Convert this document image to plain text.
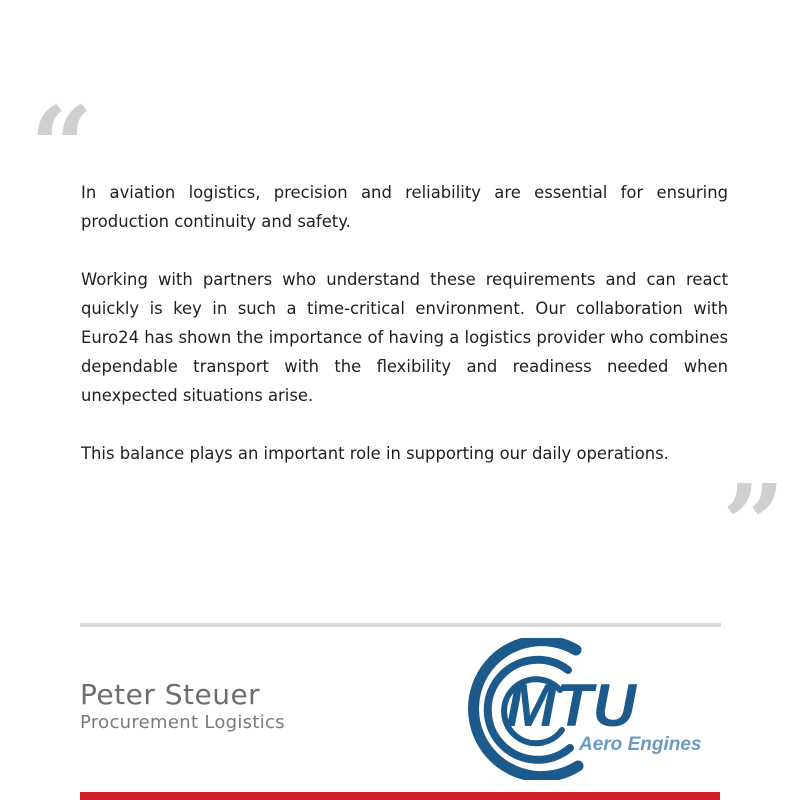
“

In aviation logistics, precision and reliability are essential for ensuring production continuity and safety.

Working with partners who understand these requirements and can react quickly is key in such a time-critical environment. Our collaboration with Euro24 has shown the importance of having a logistics provider who combines dependable transport with the flexibility and readiness needed when unexpected situations arise.

This balance plays an important role in supporting our daily operations.

”
Peter Steuer
Procurement Logistics	MTU
Aero Engines
